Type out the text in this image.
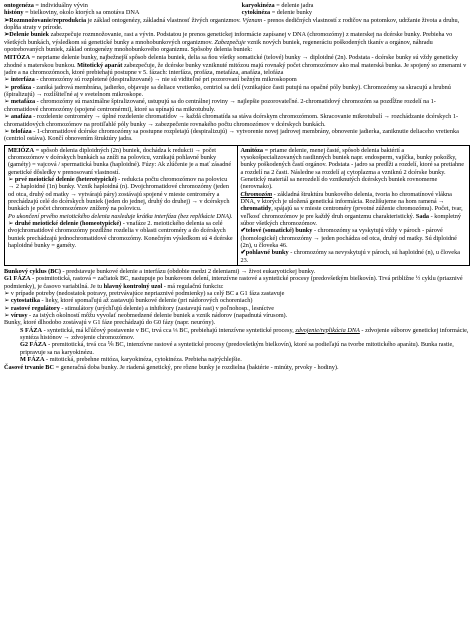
ontogenéza = individuálny vývin

históny = bielkoviny, okolo ktorých sa omotáva DNA

karyokinéza = delenie jadra

cytokinéza = delenie bunky

➢Rozmnožovanie/reprodukcia je základ ontogenézy, základná vlastnosť živých organizmov. Význam - prenos dedičných vlastností z rodičov na potomkov, udržanie života a druhu, dopĺňa straty v prírode.

➢Delenie buniek zabezpečuje rozmnožovanie, rast a vývin. Podstatou je prenos genetickej informácie zapísanej v DNA (chromozómy) z materskej na dcérske bunky. Prebieha vo všetkých bunkách, výsledkom sú genetické bunky a mnohobunkových organizmov. Zabezpečuje vznik nových buniek, regeneráciu poškodených tkanív a orgánov, náhradu opotrebovaných buniek, základ ontogenézy mnohobunkového organizmu. Spôsoby delenia buniek:

MITÓZA = nepriame delenie bunky, najbežnejší spôsob delenia buniek, delia sa ňou všetky somatické (telové) bunky → diploidné (2n). Podstata - dcérske bunky sú vždy geneticky zhodné s materskou bunkou. Mitotický aparát zabezpečuje, že dcérske bunky vzniknuté mitózou majú rovnaký počet chromozómov ako mal materská bunka. Je spojený so zmenami v jadre a na chromozómoch, ktoré prebiehajú postupne v 5. fázach: interfáza, profáza, metafáza, anafáza, telofáza

➢ interfáza - chromozómy sú rozpletené (despiralizované) → nie sú viditeľné pri pozorovaní bežným mikroskopom

➢ profáza - zaniká jadrová membrána, jadierko, objavuje sa deliace vretienko, centriol sa delí (vznikajúce časti putujú na opačné póly bunky). Chromozómy sa skracujú a hrubnú (špiralizujú) → rozlíšiteľné aj v svetelnom mikroskope.

➢ metafáza - chromozómy sú maximálne špiralizované, ustupujú sa do centrálnej roviny → najlepšie pozorovateľné. 2-chromatidový chromozóm sa pozdĺžne rozdelí na 1-chromatidové chromozómy (spojené centromérmi), ktoré sa upínajú na mikrotubuly.

➢ anafáza - rozdelenie centroméry → úplné rozdelenie chromatídov → každá chromatída sa stáva dcérskym chromozómom. Skracovanie mikrotubulí → rozchádzanie dcérskych 1-chromatidových chromozómov na protiľahlé póly bunky → zabezpečenie rovnakého počtu chromozómov v dcérskych bunkách.

➢ telofáza - 1-chromatidové dcérske chromozómy sa postupne rozpletajú (despiralizujú) → vytvorenie novej jadrovej membrány, obnovenie jadierka, zaniknutie deliaceho vretienka (centriol ostáva). Končí obnovením štruktúry jadra.

MEIÓZA = spôsob delenia diploidných (2n) buniek, dochádza k redukcii → počet chromozómov v dcérskych bunkách sa zníži na polovicu, vznikajú pohlavné bunky (gaméty) = vajcová / spermatická bunka (haploidné). Fúzy: Ak zlúčenie je a mať zásadné genetické dôsledky v prenosovaní vlastností.

➢ prvé meiotické delenie (heterotypické) - redukcia počtu chromozómov na polovicu → 2 haploidné (1n) bunky. Vznik haploidná (n). Dvojchromatidové chromozómy (jeden od otca, druhý od matky → vytvárajú páry) zostávajú spojené v mieste centroméry a prechádzajú celé do dcérskych buniek (jeden do jednej, druhý do druhej) → v dcérskych bunkách je počet chromozómov znížený na polovicu.

Po ukončení prvého meiotického delenia nasleduje krátka interfáza (bez replikácie DNA).

➢ druhé meiotické delenie (homeotypické) - vnafáze 2. meiotického delenia sa celé dvojchromatidové chromozómy pozdĺžne rozdelia v oblasti centroméry a do dcérskych buniek prechádzajú jednochromatidové chromozómy. Konečným výsledkom sú 4 dcérske haploidné bunky = gaméty.

Amitóza = priame delenie, menej časté, spôsob delenia baktérií a vysokošpecializovaných rastlinných buniek napr. endosperm, vajíčka, bunky pokožky, bunky poškodených častí orgánov. Podstata - jadro sa predĺži a rozdelí, ktoré sa pretiahne a rozdelí na 2 časti. Následne sa rozdelí aj cytoplazma a vzniknú 2 dcérske bunky. Genetický materiál sa nerozdelí do vzniknutých dcérskych buniek rovnomerne (nerovnako).

Chromozóm - základná štruktúra bunkového delenia, tvoria ho chromatínové vlákna DNA, v ktorých je uložená genetická informácia. Rozlišujeme na hom ramená → chromatidy, spájajú sa v mieste centroméry (prvotné zúženie chromozómu). Počet, tvar, veľkosť chromozómov je pre každý druh organizmu charakteristický. Sada - kompletný súbor všetkých chromozómov.

✔telové (somatické) bunky - chromozómy sa vyskytujú vždy v pároch - párové (homologické) chromozómy → jeden pochádza od otca, druhý od matky. Sú diploidné (2n), u človeka 46.

✔pohlavné bunky - chromozómy sa nevyskytujú v pároch, sú haploidné (n), u človeka 23.

Bunkový cyklus (BC) - predstavuje bunkové delenie a interfázu (obdobie medzi 2 deleniami) → život eukaryotickej bunky.

G1 FÁZA - postmitotická, rastová = začiatok BC, nastupuje po bunkovom delení, intenzívne rastové a syntetické procesy (predovšetkým bielkovín). Trvá približne ½ cyklu (priaznivé podmienky), je časovo variabilná. Je tu hlavný kontrolný uzol - má regulačnú funkciu:

➢ v prípade potreby (nedostatok potravy, pretrvávajúce nepriaznivé podmienky) sa celý BC a G1 fáza zastavuje

➢ cytostatika - lieky, ktoré spomaľujú až zastavujú bunkové delenie (pri nádorových ochoreniach)

➢ rastové regulátory - stimulátory (urýchľujú delenie) a inhibítory (zastavujú rast) v poľnohosp., lesníctve

➢ vírusy - za istých okolností môžu vyvolať neobmedzené delenie buniek a vznik nádorov (napadnutá vírusom).

Bunky, ktoré dlhodobo zostávajú v G1 fáze prechádzajú do G0 fázy (napr. neuróny).

S FÁZA - syntetická, má kľúčový postavenie v BC, trvá cca ⅓ BC, prebiehajú intenzívne syntetické procesy, zdvojenie/replikácia DNA - zdvojenie súborov genetickej informácie, syntéza histónov → zdvojenie chromozómov.

G2 FÁZA - premitotická, trvá cca ⅙ BC, intenzívne rastové a syntetické procesy (predovšetkým bielkovín), ktoré sa podieľajú na tvorbe mitotického aparátu). Bunka rastie, pripravuje sa na karyokinézu.

M FÁZA - mitotická, prebehne mitóza, karyokinéza, cytokinéza. Prebieha najrýchlejšie.

Časové trvanie BC = generačná doba bunky. Je riadená genetický, pre rôzne bunky je rozdielna (baktérie - minúty, prvoky - hodiny).
